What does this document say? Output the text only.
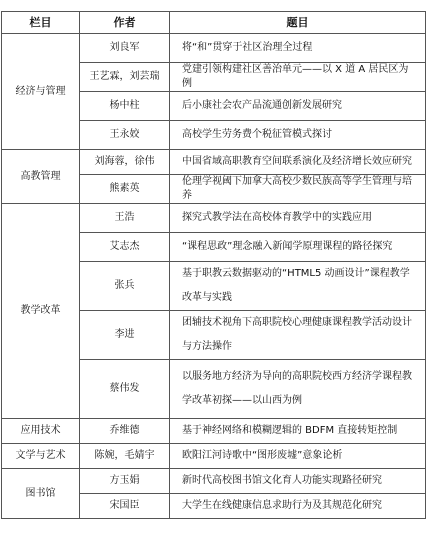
栏目	作者	题目
经济与管理	刘良军	将“和”贯穿于社区治理全过程
	王艺霖，刘芸瑞	党建引领构建社区善治单元——以 X 道 A 居民区为例
	杨中柱	后小康社会农产品流通创新发展研究
	王永姣	高校学生劳务费个税征管模式探讨
高教管理	刘海蓉，徐伟	中国省域高职教育空间联系演化及经济增长效应研究
	熊素英	伦理学视阈下加拿大高校少数民族高等学生管理与培养
教学改革	王浩	探究式教学法在高校体育教学中的实践应用
	艾志杰	“课程思政”理念融入新闻学原理课程的路径探究
	张兵	基于职教云数据驱动的“HTML5 动画设计”课程教学改革与实践

	李进	团辅技术视角下高职院校心理健康课程教学活动设计与方法操作

	蔡伟发	以服务地方经济为导向的高职院校西方经济学课程教学改革初探——以山西为例

应用技术	乔维德	基于神经网络和模糊逻辑的 BDFM 直接转矩控制
文学与艺术	陈婉，毛婧宇	欧阳江河诗歌中“图形废墟”意象论析
图书馆	方玉娟	新时代高校图书馆文化育人功能实现路径研究
	宋国臣	大学生在线健康信息求助行为及其规范化研究
